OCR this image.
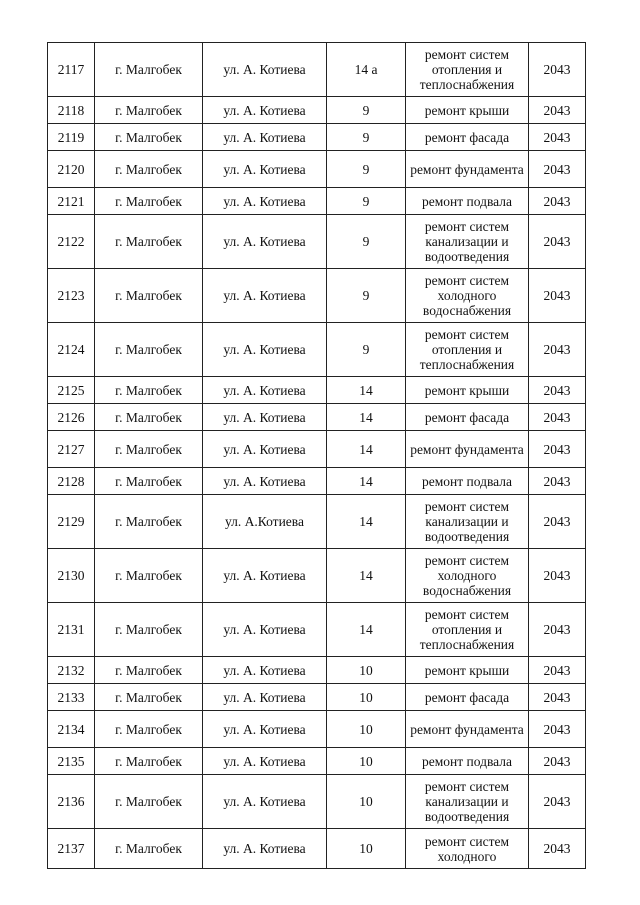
2117	г. Малгобек	ул. А. Котиева	14 а	ремонт систем отопления и теплоснабжения	2043
2118	г. Малгобек	ул. А. Котиева	9	ремонт крыши	2043
2119	г. Малгобек	ул. А. Котиева	9	ремонт фасада	2043
2120	г. Малгобек	ул. А. Котиева	9	ремонт фундамента	2043
2121	г. Малгобек	ул. А. Котиева	9	ремонт подвала	2043
2122	г. Малгобек	ул. А. Котиева	9	ремонт систем канализации и водоотведения	2043
2123	г. Малгобек	ул. А. Котиева	9	ремонт систем холодного водоснабжения	2043
2124	г. Малгобек	ул. А. Котиева	9	ремонт систем отопления и теплоснабжения	2043
2125	г. Малгобек	ул. А. Котиева	14	ремонт крыши	2043
2126	г. Малгобек	ул. А. Котиева	14	ремонт фасада	2043
2127	г. Малгобек	ул. А. Котиева	14	ремонт фундамента	2043
2128	г. Малгобек	ул. А. Котиева	14	ремонт подвала	2043
2129	г. Малгобек	ул. А.Котиева	14	ремонт систем канализации и водоотведения	2043
2130	г. Малгобек	ул. А. Котиева	14	ремонт систем холодного водоснабжения	2043
2131	г. Малгобек	ул. А. Котиева	14	ремонт систем отопления и теплоснабжения	2043
2132	г. Малгобек	ул. А. Котиева	10	ремонт крыши	2043
2133	г. Малгобек	ул. А. Котиева	10	ремонт фасада	2043
2134	г. Малгобек	ул. А. Котиева	10	ремонт фундамента	2043
2135	г. Малгобек	ул. А. Котиева	10	ремонт подвала	2043
2136	г. Малгобек	ул. А. Котиева	10	ремонт систем канализации и водоотведения	2043
2137	г. Малгобек	ул. А. Котиева	10	ремонт систем холодного	2043
